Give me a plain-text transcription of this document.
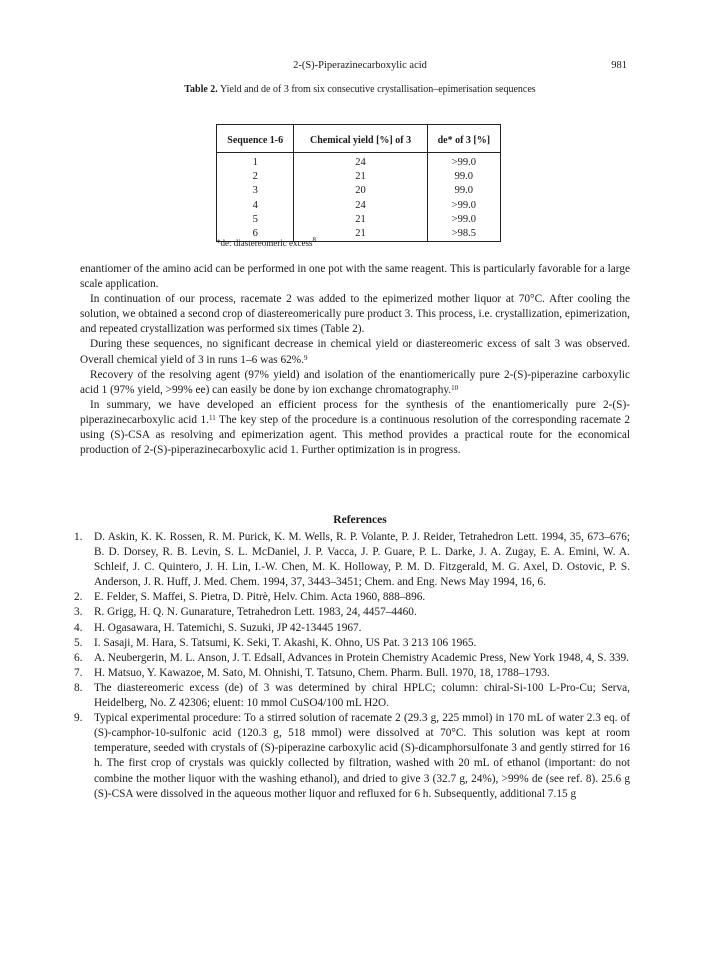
2-(S)-Piperazinecarboxylic acid	981
Table 2. Yield and de of 3 from six consecutive crystallisation–epimerisation sequences
Sequence 1-6	Chemical yield [%] of 3	de* of 3 [%]

1	24	>99.0
2	21	99.0
3	20	99.0
4	24	>99.0
5	21	>99.0
6	21	>98.5
*de: diastereomeric excess$^8$

enantiomer of the amino acid can be performed in one pot with the same reagent. This is particularly favorable for a large scale application.

In continuation of our process, racemate 2 was added to the epimerized mother liquor at 70°C. After cooling the solution, we obtained a second crop of diastereomerically pure product 3. This process, i.e. crystallization, epimerization, and repeated crystallization was performed six times (Table 2).

During these sequences, no significant decrease in chemical yield or diastereomeric excess of salt 3 was observed. Overall chemical yield of 3 in runs 1–6 was 62%.$^9$

Recovery of the resolving agent (97% yield) and isolation of the enantiomerically pure 2-(S)-piperazine carboxylic acid 1 (97% yield, >99% ee) can easily be done by ion exchange chromatography.$^{10}$

In summary, we have developed an efficient process for the synthesis of the enantiomerically pure 2-(S)-piperazinecarboxylic acid 1.11 The key step of the procedure is a continuous resolution of the corresponding racemate 2 using (S)-CSA as resolving and epimerization agent. This method provides a practical route for the economical production of 2-(S)-piperazinecarboxylic acid 1. Further optimization is in progress.

References
1. D. Askin, K. K. Rossen, R. M. Purick, K. M. Wells, R. P. Volante, P. J. Reider, Tetrahedron Lett. 1994, 35, 673–676; B. D. Dorsey, R. B. Levin, S. L. McDaniel, J. P. Vacca, J. P. Guare, P. L. Darke, J. A. Zugay, E. A. Emini, W. A. Schleif, J. C. Quintero, J. H. Lin, I.-W. Chen, M. K. Holloway, P. M. D. Fitzgerald, M. G. Axel, D. Ostovic, P. S. Anderson, J. R. Huff, J. Med. Chem. 1994, 37, 3443–3451; Chem. and Eng. News May 1994, 16, 6.
2. E. Felder, S. Maffei, S. Pietra, D. Pitrè, Helv. Chim. Acta 1960, 888–896.
3. R. Grigg, H. Q. N. Gunarature, Tetrahedron Lett. 1983, 24, 4457–4460.
4. H. Ogasawara, H. Tatemichi, S. Suzuki, JP 42-13445 1967.
5. I. Sasaji, M. Hara, S. Tatsumi, K. Seki, T. Akashi, K. Ohno, US Pat. 3 213 106 1965.
6. A. Neubergerin, M. L. Anson, J. T. Edsall, Advances in Protein Chemistry Academic Press, New York 1948, 4, S. 339.
7. H. Matsuo, Y. Kawazoe, M. Sato, M. Ohnishi, T. Tatsuno, Chem. Pharm. Bull. 1970, 18, 1788–1793.
8. The diastereomeric excess (de) of 3 was determined by chiral HPLC; column: chiral-Si-100 L-Pro-Cu; Serva, Heidelberg, No. Z 42306; eluent: 10 mmol CuSO4/100 mL H2O.
9. Typical experimental procedure: To a stirred solution of racemate 2 (29.3 g, 225 mmol) in 170 mL of water 2.3 eq. of (S)-camphor-10-sulfonic acid (120.3 g, 518 mmol) were dissolved at 70°C. This solution was kept at room temperature, seeded with crystals of (S)-piperazine carboxylic acid (S)-dicamphorsulfonate 3 and gently stirred for 16 h. The first crop of crystals was quickly collected by filtration, washed with 20 mL of ethanol (important: do not combine the mother liquor with the washing ethanol), and dried to give 3 (32.7 g, 24%), >99% de (see ref. 8). 25.6 g (S)-CSA were dissolved in the aqueous mother liquor and refluxed for 6 h. Subsequently, additional 7.15 g
